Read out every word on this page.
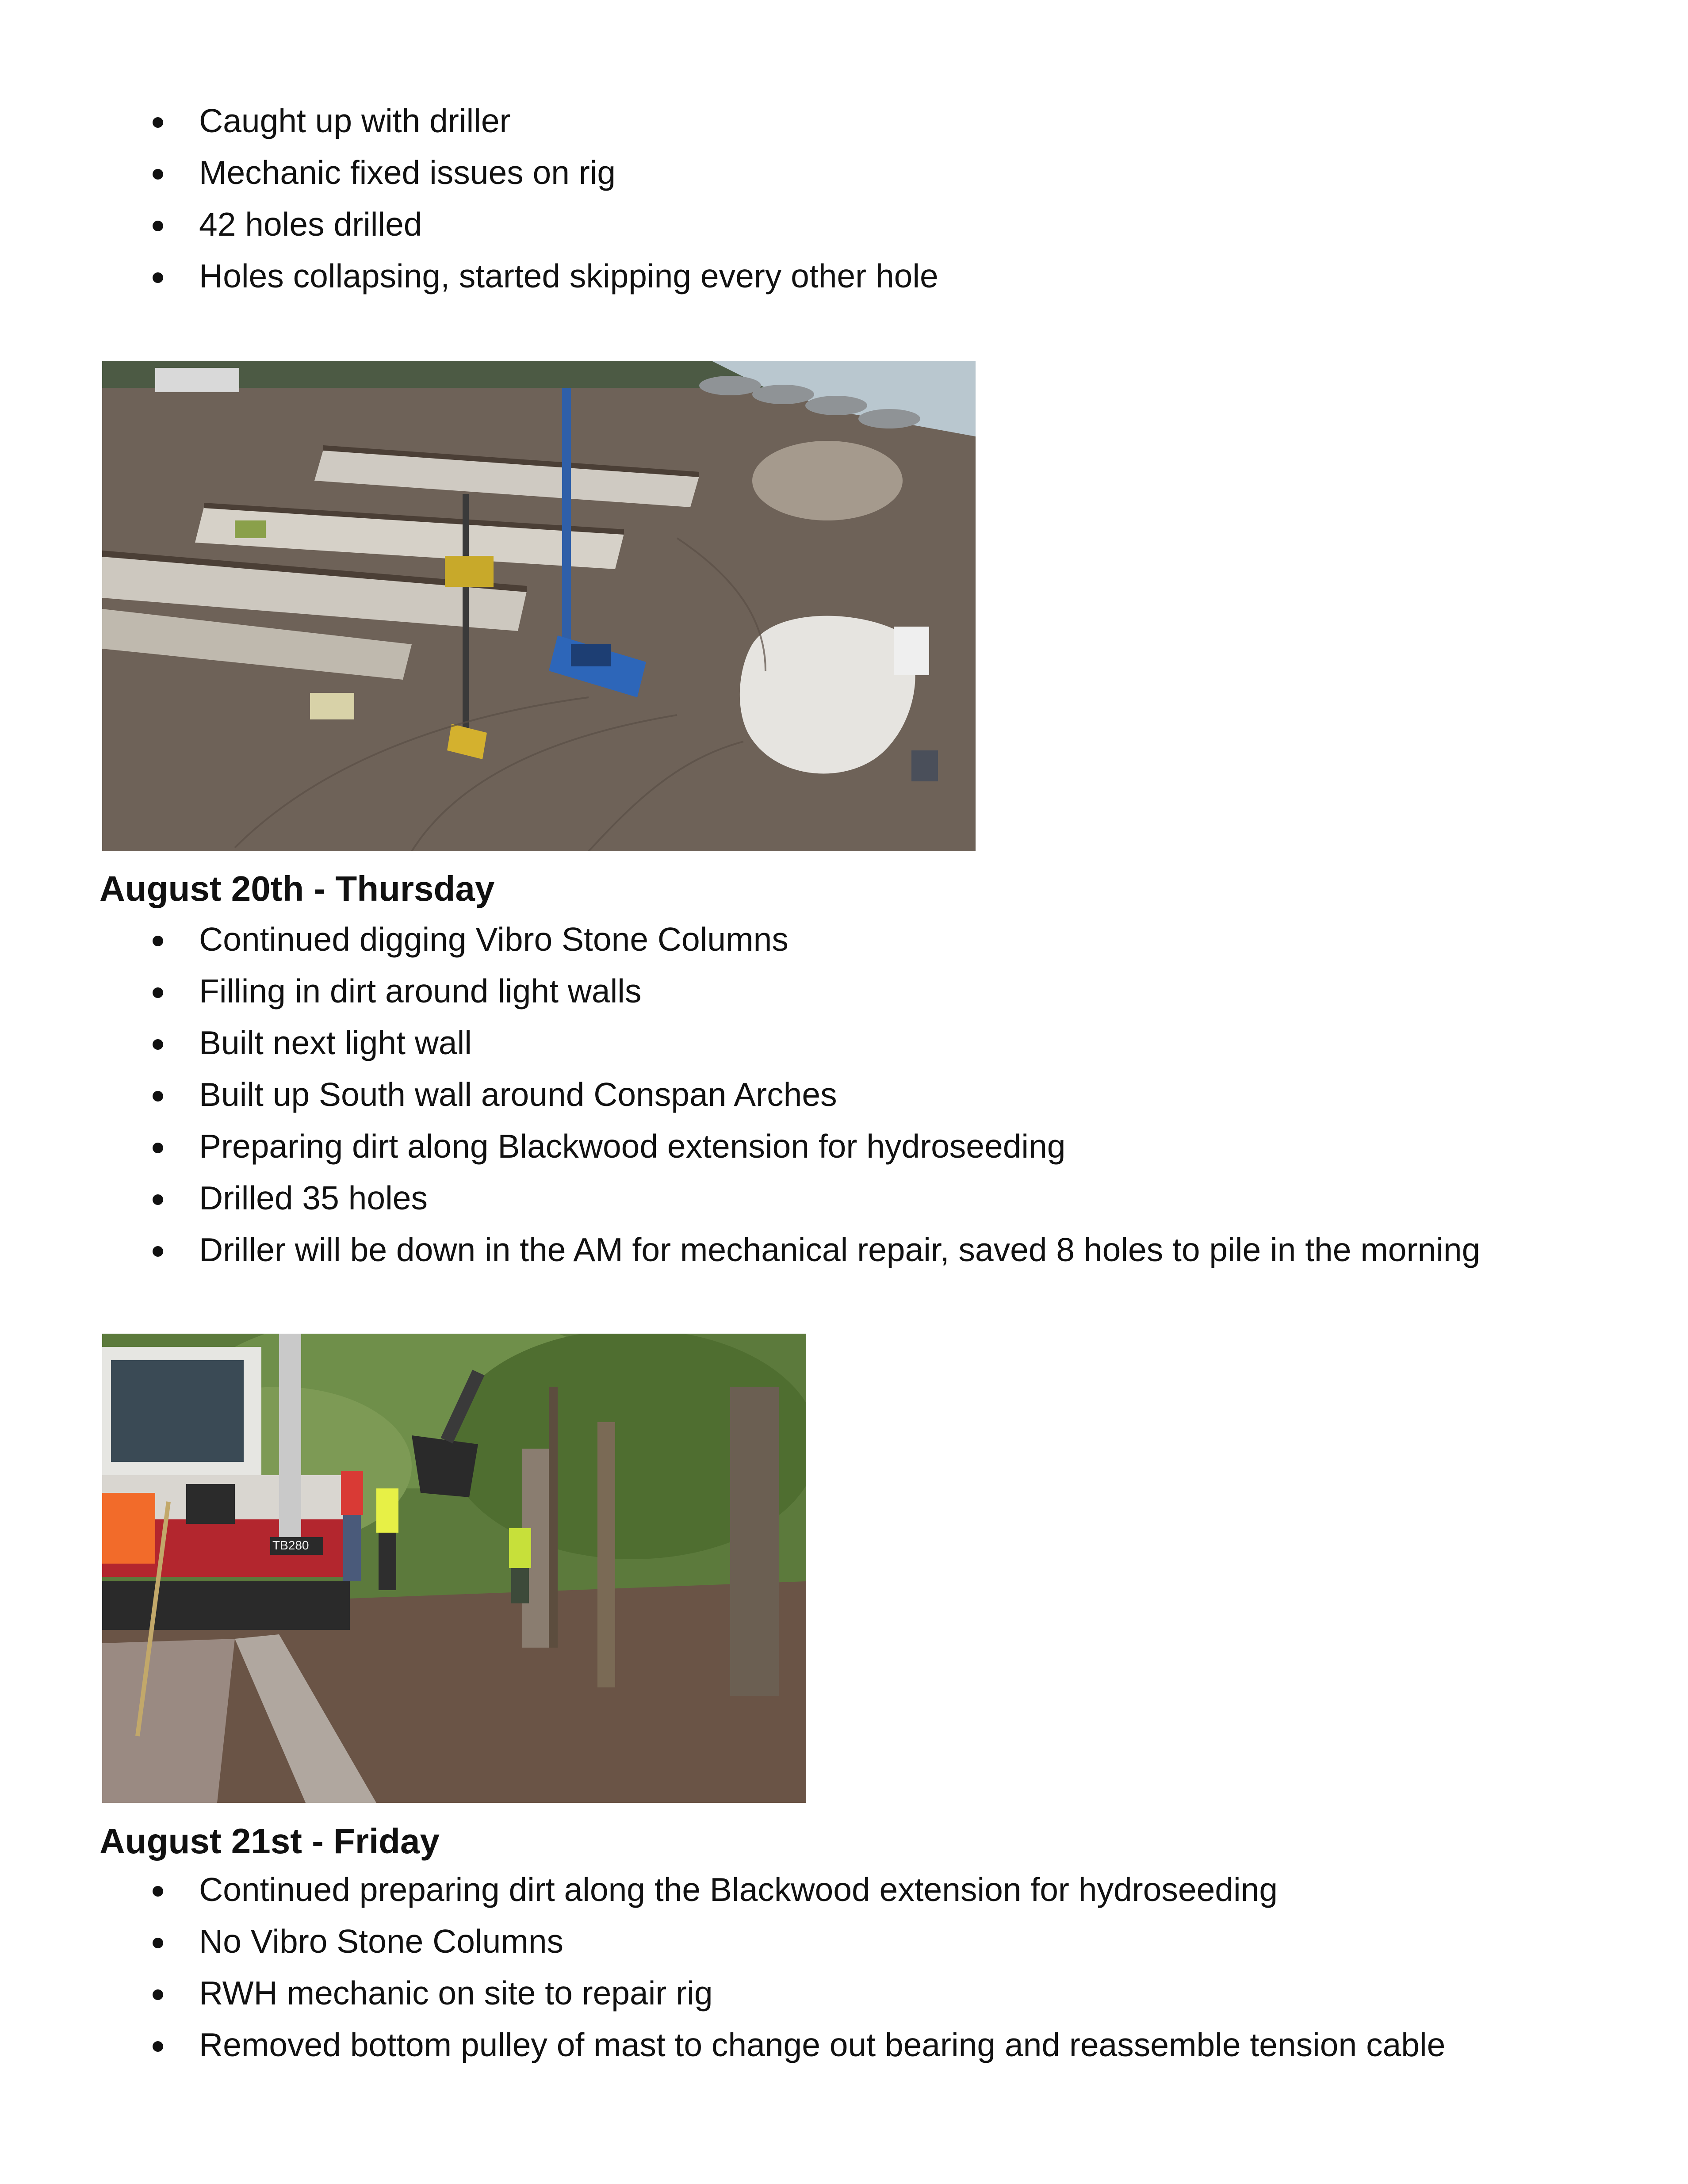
Caught up with driller
Mechanic fixed issues on rig
42 holes drilled
Holes collapsing, started skipping every other hole
August 20th - Thursday
Continued digging Vibro Stone Columns
Filling in dirt around light walls
Built next light wall
Built up South wall around Conspan Arches
Preparing dirt along Blackwood extension for hydroseeding
Drilled 35 holes
Driller will be down in the AM for mechanical repair, saved 8 holes to pile in the morning
TB280
August 21st - Friday
Continued preparing dirt along the Blackwood extension for hydroseeding
No Vibro Stone Columns
RWH mechanic on site to repair rig
Removed bottom pulley of mast to change out bearing and reassemble tension cable
